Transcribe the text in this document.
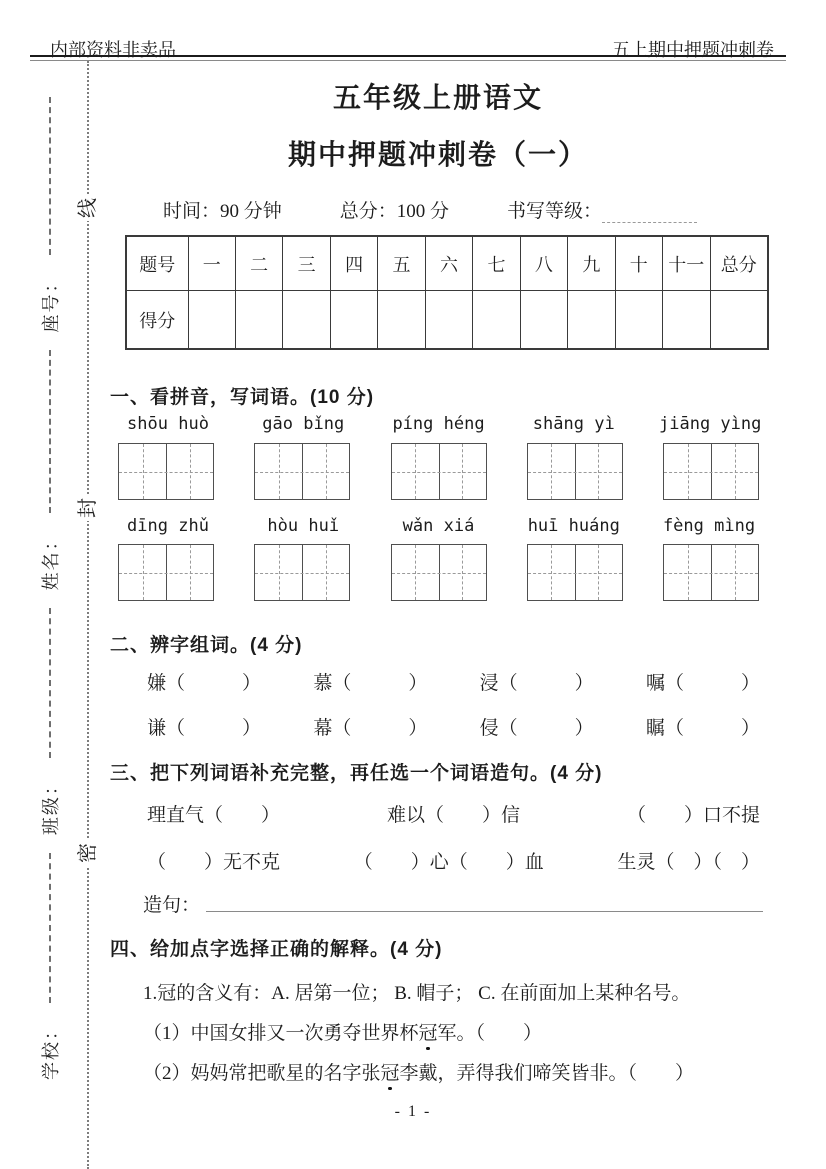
内部资料非卖品	五上期中押题冲刺卷
线
封
密
学校：
班级：
姓名：
座号：
五年级上册语文
期中押题冲刺卷（一）
时间：90 分钟	总分：100 分	书写等级：
题号	一	二	三	四	五	六	七	八	九	十	十一	总分
得分												
一、看拼音，写词语。(10 分)
shōu huò	gāo bǐng	píng héng	shāng yì	jiāng yìng
dīng zhǔ	hòu huǐ	wǎn xiá	huī huáng	fèng mìng
二、辨字组词。(4 分)
嫌（　　　）	慕（　　　）	浸（　　　）	嘱（　　　）
谦（　　　）	幕（　　　）	侵（　　　）	瞩（　　　）
三、把下列词语补充完整，再任选一个词语造句。(4 分)
理直气（　　）	难以（　　）信	（　　）口不提
（　　）无不克	（　　）心（　　）血	生灵（　）（　）
造句：
四、给加点字选择正确的解释。(4 分)
1.冠的含义有：A. 居第一位； B. 帽子； C. 在前面加上某种名号。
（1）中国女排又一次勇夺世界杯冠军。（　　）
（2）妈妈常把歌星的名字张冠李戴，弄得我们啼笑皆非。（　　）
- 1 -
